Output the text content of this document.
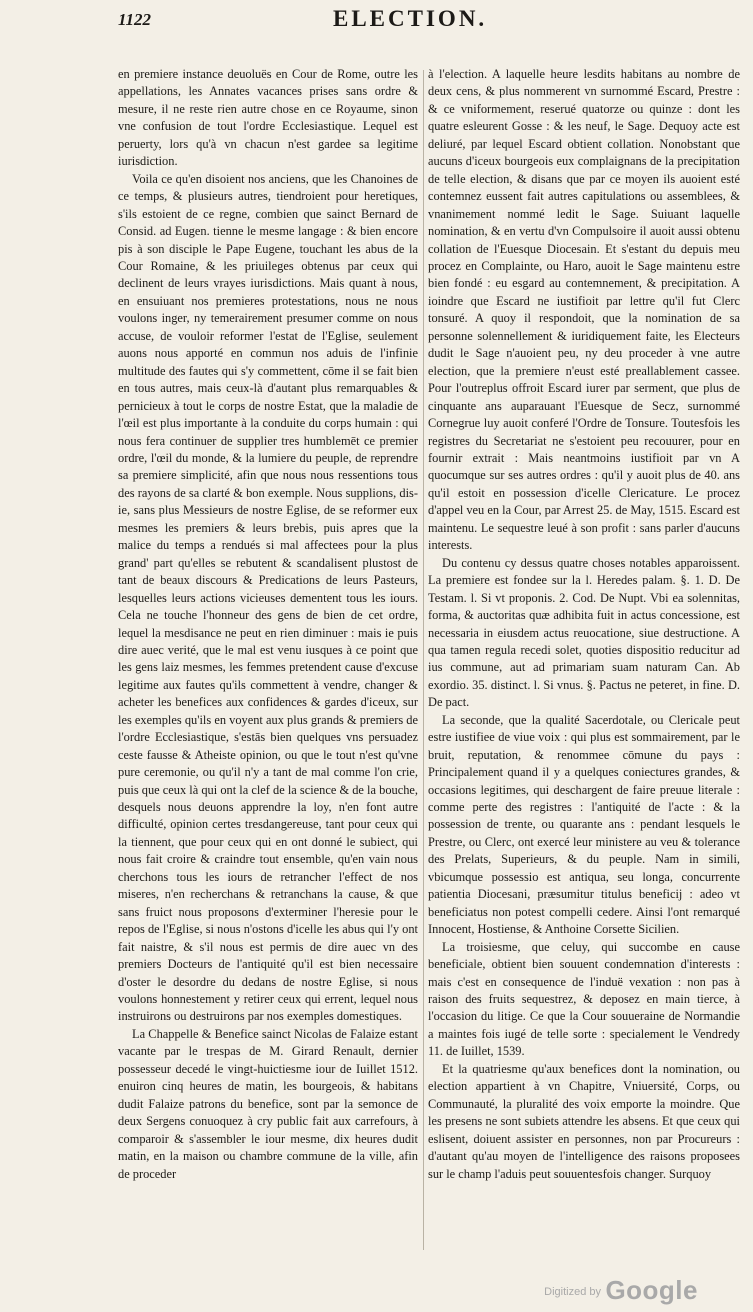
1122	ELECTION.

en premiere instance deuoluës en Cour de Rome, outre les appellations, les Annates vacances prises sans ordre & mesure, il ne reste rien autre chose en ce Royaume, sinon vne confusion de tout l'ordre Ecclesiastique. Lequel est peruerty, lors qu'à vn chacun n'est gardee sa legitime iurisdiction.

Voila ce qu'en disoient nos anciens, que les Chanoines de ce temps, & plusieurs autres, tiendroient pour heretiques, s'ils estoient de ce regne, combien que sainct Bernard de Consid. ad Eugen. tienne le mesme langage : & bien encore pis à son disciple le Pape Eugene, touchant les abus de la Cour Romaine, & les priuileges obtenus par ceux qui declinent de leurs vrayes iurisdictions. Mais quant à nous, en ensuiuant nos premieres protestations, nous ne nous voulons inger, ny temerairement presumer comme on nous accuse, de vouloir reformer l'estat de l'Eglise, seulement auons nous apporté en commun nos aduis de l'infinie multitude des fautes qui s'y commettent, cōme il se fait bien en tous autres, mais ceux-là d'autant plus remarquables & pernicieux à tout le corps de nostre Estat, que la maladie de l'œil est plus importante à la conduite du corps humain : qui nous fera continuer de supplier tres humblemēt ce premier ordre, l'œil du monde, & la lumiere du peuple, de reprendre sa premiere simplicité, afin que nous nous ressentions tous des rayons de sa clarté & bon exemple. Nous supplions, dis-ie, sans plus Messieurs de nostre Eglise, de se reformer eux mesmes les premiers & leurs brebis, puis apres que la malice du temps a rendués si mal affectees pour la plus grand' part qu'elles se rebutent & scandalisent plustost de tant de beaux discours & Predications de leurs Pasteurs, lesquelles leurs actions vicieuses dementent tous les iours. Cela ne touche l'honneur des gens de bien de cet ordre, lequel la mesdisance ne peut en rien diminuer : mais ie puis dire auec verité, que le mal est venu iusques à ce point que les gens laiz mesmes, les femmes pretendent cause d'excuse legitime aux fautes qu'ils commettent à vendre, changer & acheter les benefices aux confidences & gardes d'iceux, sur les exemples qu'ils en voyent aux plus grands & premiers de l'ordre Ecclesiastique, s'estās bien quelques vns persuadez ceste fausse & Atheiste opinion, ou que le tout n'est qu'vne pure ceremonie, ou qu'il n'y a tant de mal comme l'on crie, puis que ceux là qui ont la clef de la science & de la bouche, desquels nous deuons apprendre la loy, n'en font autre difficulté, opinion certes tresdangereuse, tant pour ceux qui la tiennent, que pour ceux qui en ont donné le subiect, qui nous fait croire & craindre tout ensemble, qu'en vain nous cherchons tous les iours de retrancher l'effect de nos miseres, n'en recherchans & retranchans la cause, & que sans fruict nous proposons d'exterminer l'heresie pour le repos de l'Eglise, si nous n'ostons d'icelle les abus qui l'y ont fait naistre, & s'il nous est permis de dire auec vn des premiers Docteurs de l'antiquité qu'il est bien necessaire d'oster le desordre du dedans de nostre Eglise, si nous voulons honnestement y retirer ceux qui errent, lequel nous instruirons ou destruirons par nos exemples domestiques.

La Chappelle & Benefice sainct Nicolas de Falaize estant vacante par le trespas de M. Girard Renault, dernier possesseur decedé le vingt-huictiesme iour de Iuillet 1512. enuiron cinq heures de matin, les bourgeois, & habitans dudit Falaize patrons du benefice, sont par la semonce de deux Sergens conuoquez à cry public fait aux carrefours, à comparoir & s'assembler le iour mesme, dix heures dudit matin, en la maison ou chambre commune de la ville, afin de proceder

à l'election. A laquelle heure lesdits habitans au nombre de deux cens, & plus nommerent vn surnommé Escard, Prestre : & ce vniformement, reserué quatorze ou quinze : dont les quatre esleurent Gosse : & les neuf, le Sage. Dequoy acte est deliuré, par lequel Escard obtient collation. Nonobstant que aucuns d'iceux bourgeois eux complaignans de la precipitation de telle election, & disans que par ce moyen ils auoient esté contemnez eussent fait autres capitulations ou assemblees, & vnanimement nommé ledit le Sage. Suiuant laquelle nomination, & en vertu d'vn Compulsoire il auoit aussi obtenu collation de l'Euesque Diocesain. Et s'estant du depuis meu procez en Complainte, ou Haro, auoit le Sage maintenu estre bien fondé : eu esgard au contemnement, & precipitation. A ioindre que Escard ne iustifioit par lettre qu'il fut Clerc tonsuré. A quoy il respondoit, que la nomination de sa personne solennellement & iuridiquement faite, les Electeurs dudit le Sage n'auoient peu, ny deu proceder à vne autre election, que la premiere n'eust esté preallablement cassee. Pour l'outreplus offroit Escard iurer par serment, que plus de cinquante ans auparauant l'Euesque de Secz, surnommé Cornegrue luy auoit conferé l'Ordre de Tonsure. Toutesfois les registres du Secretariat ne s'estoient peu recouurer, pour en fournir extrait : Mais neantmoins iustifioit par vn A quocumque sur ses autres ordres : qu'il y auoit plus de 40. ans qu'il estoit en possession d'icelle Clericature. Le procez d'appel veu en la Cour, par Arrest 25. de May, 1515. Escard est maintenu. Le sequestre leué à son profit : sans parler d'aucuns interests.

Du contenu cy dessus quatre choses notables apparoissent. La premiere est fondee sur la l. Heredes palam. §. 1. D. De Testam. l. Si vt proponis. 2. Cod. De Nupt. Vbi ea solennitas, forma, & auctoritas quæ adhibita fuit in actus concessione, est necessaria in eiusdem actus reuocatione, siue destructione. A qua tamen regula recedi solet, quoties dispositio reducitur ad ius commune, aut ad primariam suam naturam Can. Ab exordio. 35. distinct. l. Si vnus. §. Pactus ne peteret, in fine. D. De pact.

La seconde, que la qualité Sacerdotale, ou Clericale peut estre iustifiee de viue voix : qui plus est sommairement, par le bruit, reputation, & renommee cōmune du pays : Principalement quand il y a quelques coniectures grandes, & occasions legitimes, qui deschargent de faire preuue literale : comme perte des registres : l'antiquité de l'acte : & la possession de trente, ou quarante ans : pendant lesquels le Prestre, ou Clerc, ont exercé leur ministere au veu & tolerance des Prelats, Superieurs, & du peuple. Nam in simili, vbicumque possessio est antiqua, seu longa, concurrente patientia Diocesani, præsumitur titulus beneficij : adeo vt beneficiatus non potest compelli cedere. Ainsi l'ont remarqué Innocent, Hostiense, & Anthoine Corsette Sicilien.

La troisiesme, que celuy, qui succombe en cause beneficiale, obtient bien souuent condemnation d'interests : mais c'est en consequence de l'induë vexation : non pas à raison des fruits sequestrez, & deposez en main tierce, à l'occasion du litige. Ce que la Cour souueraine de Normandie a maintes fois iugé de telle sorte : specialement le Vendredy 11. de Iuillet, 1539.

Et la quatriesme qu'aux benefices dont la nomination, ou election appartient à vn Chapitre, Vniuersité, Corps, ou Communauté, la pluralité des voix emporte la moindre. Que les presens ne sont subiets attendre les absens. Et que ceux qui eslisent, doiuent assister en personnes, non par Procureurs : d'autant qu'au moyen de l'intelligence des raisons proposees sur le champ l'aduis peut souuentesfois changer. Surquoy

$^{Digitized by}$ Google
